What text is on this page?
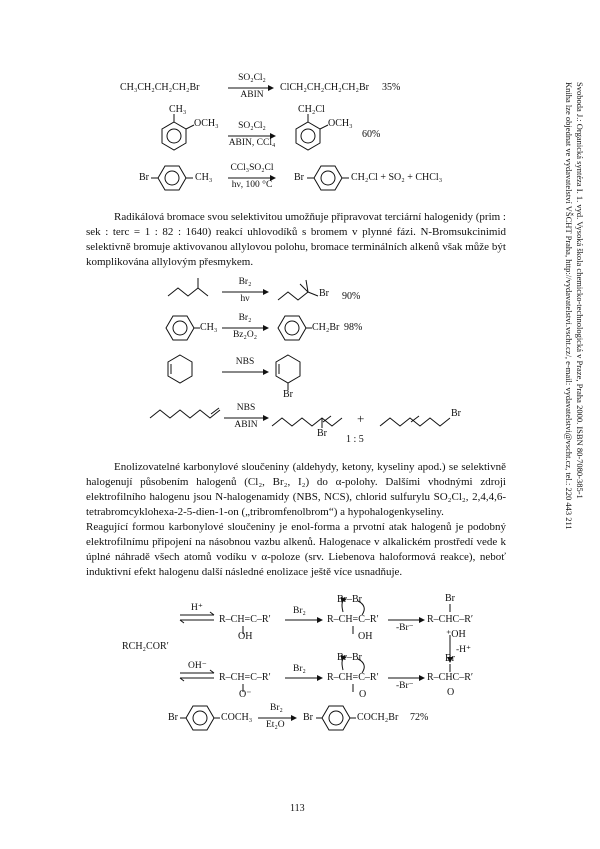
Svoboda J.: Organická syntéza I. 1. vyd. Vysoká škola chemicko-technologická v Praze, Praha 2000. ISBN 80-7080-385-1
Kniha lze objednat ve vydavatelství VŠCHT Praha, http://vydavatelstvi.vscht.cz/, e-mail: vydavatelstvi@vscht.cz, tel.: 220 443 211
CH₃CH₂CH₂CH₂Br
SO₂Cl₂
ABIN
ClCH₂CH₂CH₂CH₂Br 35%
CH₃
OCH₃	SO₂Cl₂
ABIN, CCl₄
CH₂Cl
OCH₃
60%
Br	CH₃
CCl₃SO₂Cl
hν, 100 °C
Br	CH₂Cl + SO₂ + CHCl₃
Radikálová bromace svou selektivitou umožňuje připravovat terciární halogenidy (prim : sek : terc = 1 : 82 : 1640) reakcí uhlovodíků s bromem v plynné fázi. N-Bromsukcinimid selektivně bromuje aktivovanou allylovou polohu, bromace terminálních alkenů však může být komplikována allylovým přesmykem.
Br₂
hν	Br 90%
CH₃
Br₂
Bz₂O₂
CH₂Br 98%
NBS
Br
NBS
ABIN
Br
+	Br
1 : 5
Enolizovatelné karbonylové sloučeniny (aldehydy, ketony, kyseliny apod.) se selektivně halogenují působením halogenů (Cl₂, Br₂, I₂) do α-polohy. Dalšími vhodnými zdroji elektrofilního halogenu jsou N-halogenamidy (NBS, NCS), chlorid sulfurylu SO₂Cl₂, 2,4,4,6-tetrabromcyklohexa-2-5-dien-1-on („tribromfenolbrom“) a hypohalogenkyseliny.
Reagující formou karbonylové sloučeniny je enol-forma a prvotní atak halogenů je podobný elektrofilnímu připojení na násobnou vazbu alkenů. Halogenace v alkalickém prostředí vede k úplné náhradě všech atomů vodíku v α-poloze (srv. Liebenova haloformová reakce), neboť induktivní efekt halogenu další následné enolizace ještě více usnadňuje.
RCH₂COR′
H⁺
R–CH=C–R′
OH
Br₂
Br–Br
R–CH=C–R′
OH
-Br⁻
Br
R–CHC–R′
⁺OH
-H⁺
OH⁻
R–CH=C–R′
O⁻
Br₂
Br–Br
R–CH=C–R′
O
-Br⁻
Br
R–CHC–R′
O
Br	COCH₃
Br₂
Et₂O
Br	COCH₂Br 72%
113
